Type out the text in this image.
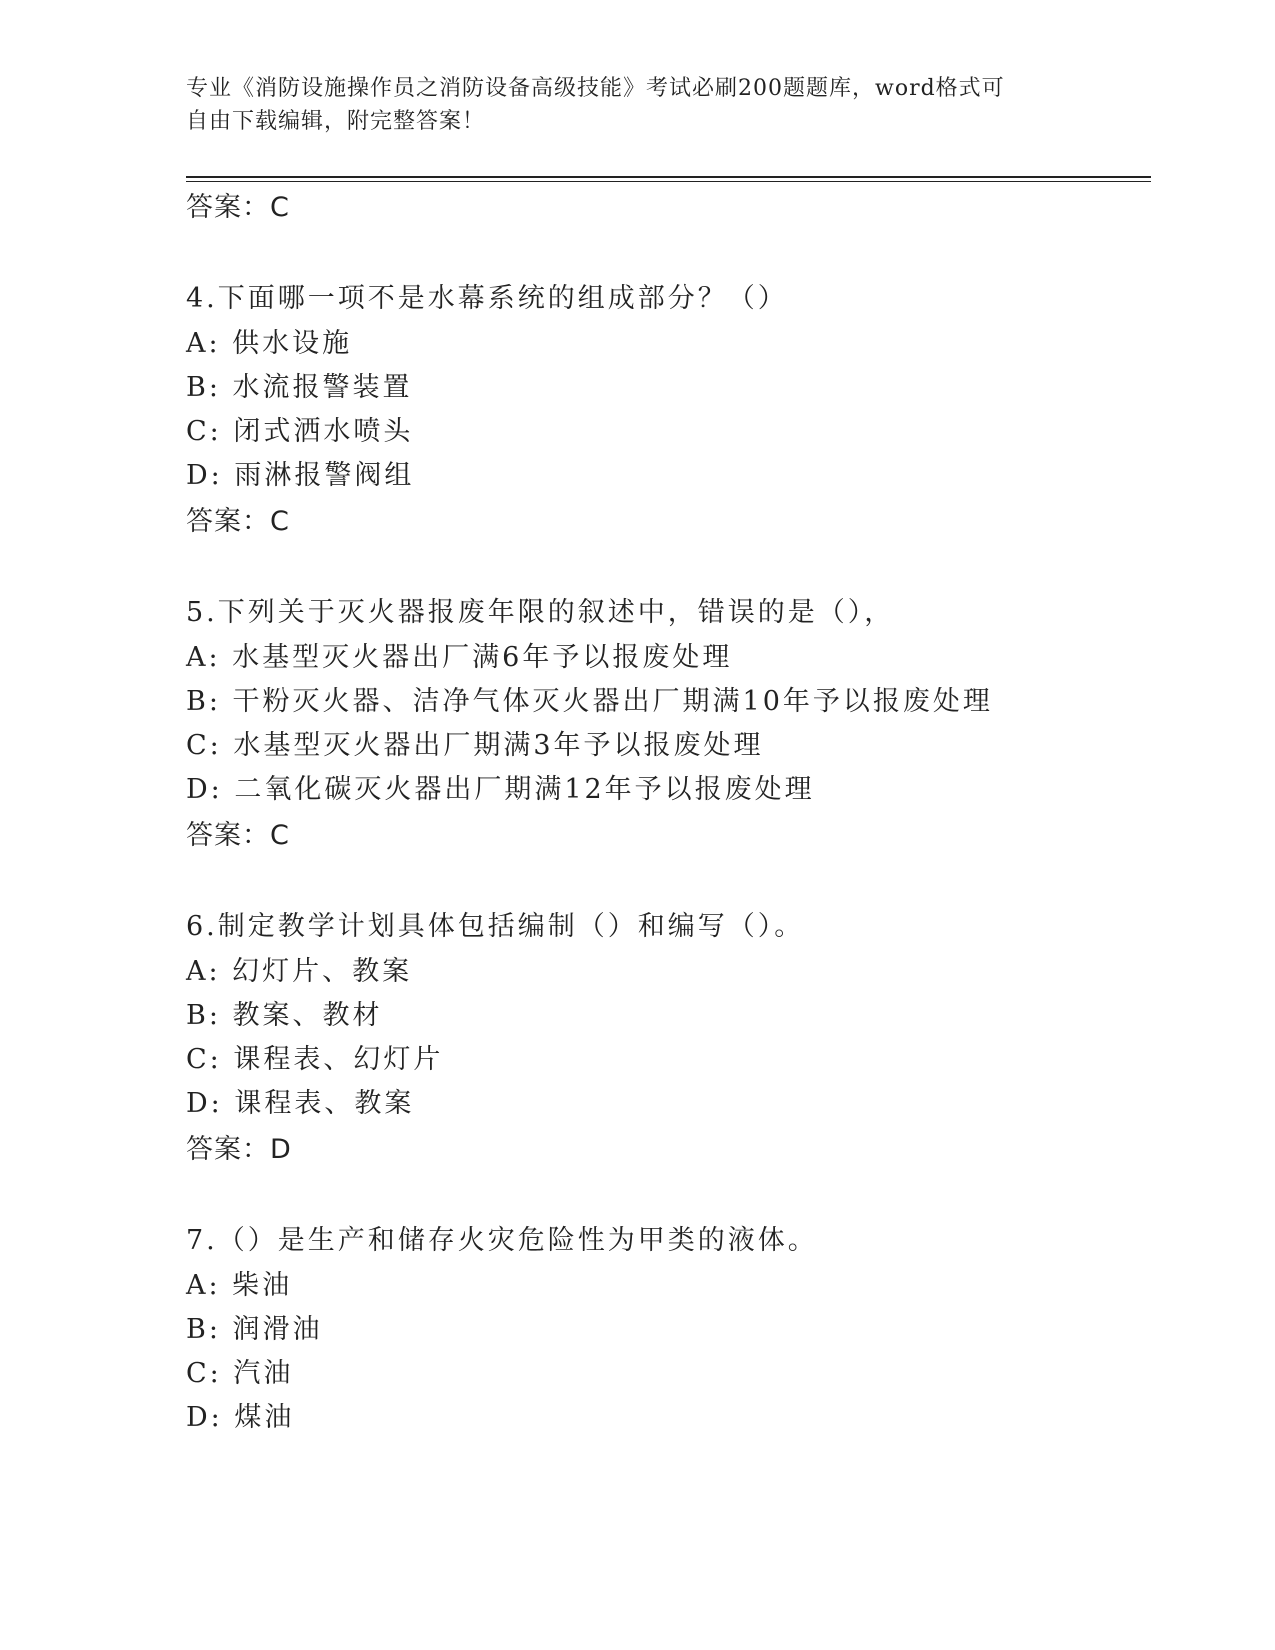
专业《消防设施操作员之消防设备高级技能》考试必刷200题题库，word格式可
自由下载编辑，附完整答案！
答案：C
4.下面哪一项不是水幕系统的组成部分？（）
A: 供水设施
B: 水流报警装置
C: 闭式洒水喷头
D: 雨淋报警阀组
答案：C
5.下列关于灭火器报废年限的叙述中，错误的是（），
A: 水基型灭火器出厂满6年予以报废处理
B: 干粉灭火器、洁净气体灭火器出厂期满10年予以报废处理
C: 水基型灭火器出厂期满3年予以报废处理
D: 二氧化碳灭火器出厂期满12年予以报废处理
答案：C
6.制定教学计划具体包括编制（）和编写（）。
A: 幻灯片、教案
B: 教案、教材
C: 课程表、幻灯片
D: 课程表、教案
答案：D
7.（）是生产和储存火灾危险性为甲类的液体。
A: 柴油
B: 润滑油
C: 汽油
D: 煤油
